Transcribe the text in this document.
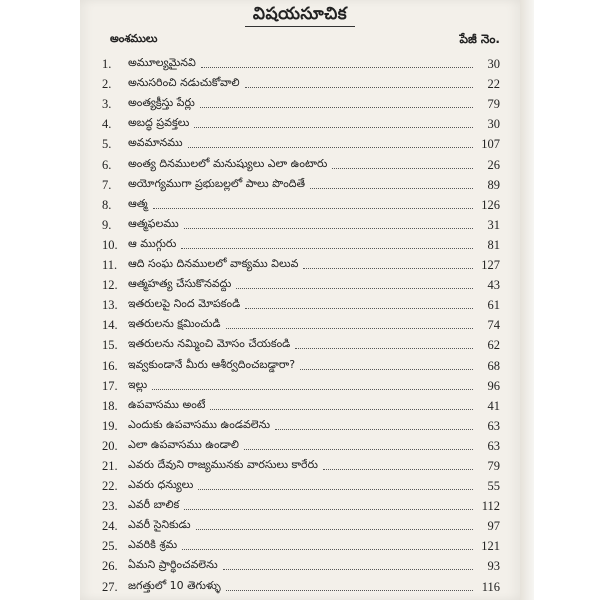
విషయసూచిక
అంశములు	పేజీ నెం.
1.	అమూల్యమైనవి	30
2.	అనుసరించి నడుచుకోవాలి	22
3.	అంత్యక్రీస్తు పేర్లు	79
4.	అబద్ధ ప్రవక్తలు	30
5.	అవమానము	107
6.	అంత్య దినములలో మనుష్యులు ఎలా ఉంటారు	26
7.	అయోగ్యముగా ప్రభుబల్లలో పాలు పొందితే	89
8.	ఆత్మ	126
9.	ఆత్మఫలము	31
10. ఆ ముగ్గురు	81
11. ఆది సంఘ దినములలో వాక్యము విలువ	127
12. ఆత్మహత్య చేసుకొనవద్దు	43
13. ఇతరులపై నింద మోపకండి	61
14. ఇతరులను క్షమించుడి	74
15. ఇతరులను నమ్మించి మోసం చేయకండి	62
16. ఇవ్వకుండానే మీరు ఆశీర్వదించబడ్డారా?	68
17. ఇల్లు	96
18. ఉపవాసము అంటే	41
19. ఎందుకు ఉపవాసము ఉండవలెను	63
20. ఎలా ఉపవాసము ఉండాలి	63
21. ఎవరు దేవుని రాజ్యమునకు వారసులు కారేరు	79
22. ఎవరు ధన్యులు	55
23. ఎవరీ బాలిక	112
24. ఎవరీ సైనికుడు	97
25. ఎవరికి శ్రమ	121
26. ఏమని ప్రార్థించవలెను	93
27. జగత్తులో 10 తెగుళ్ళు	116
